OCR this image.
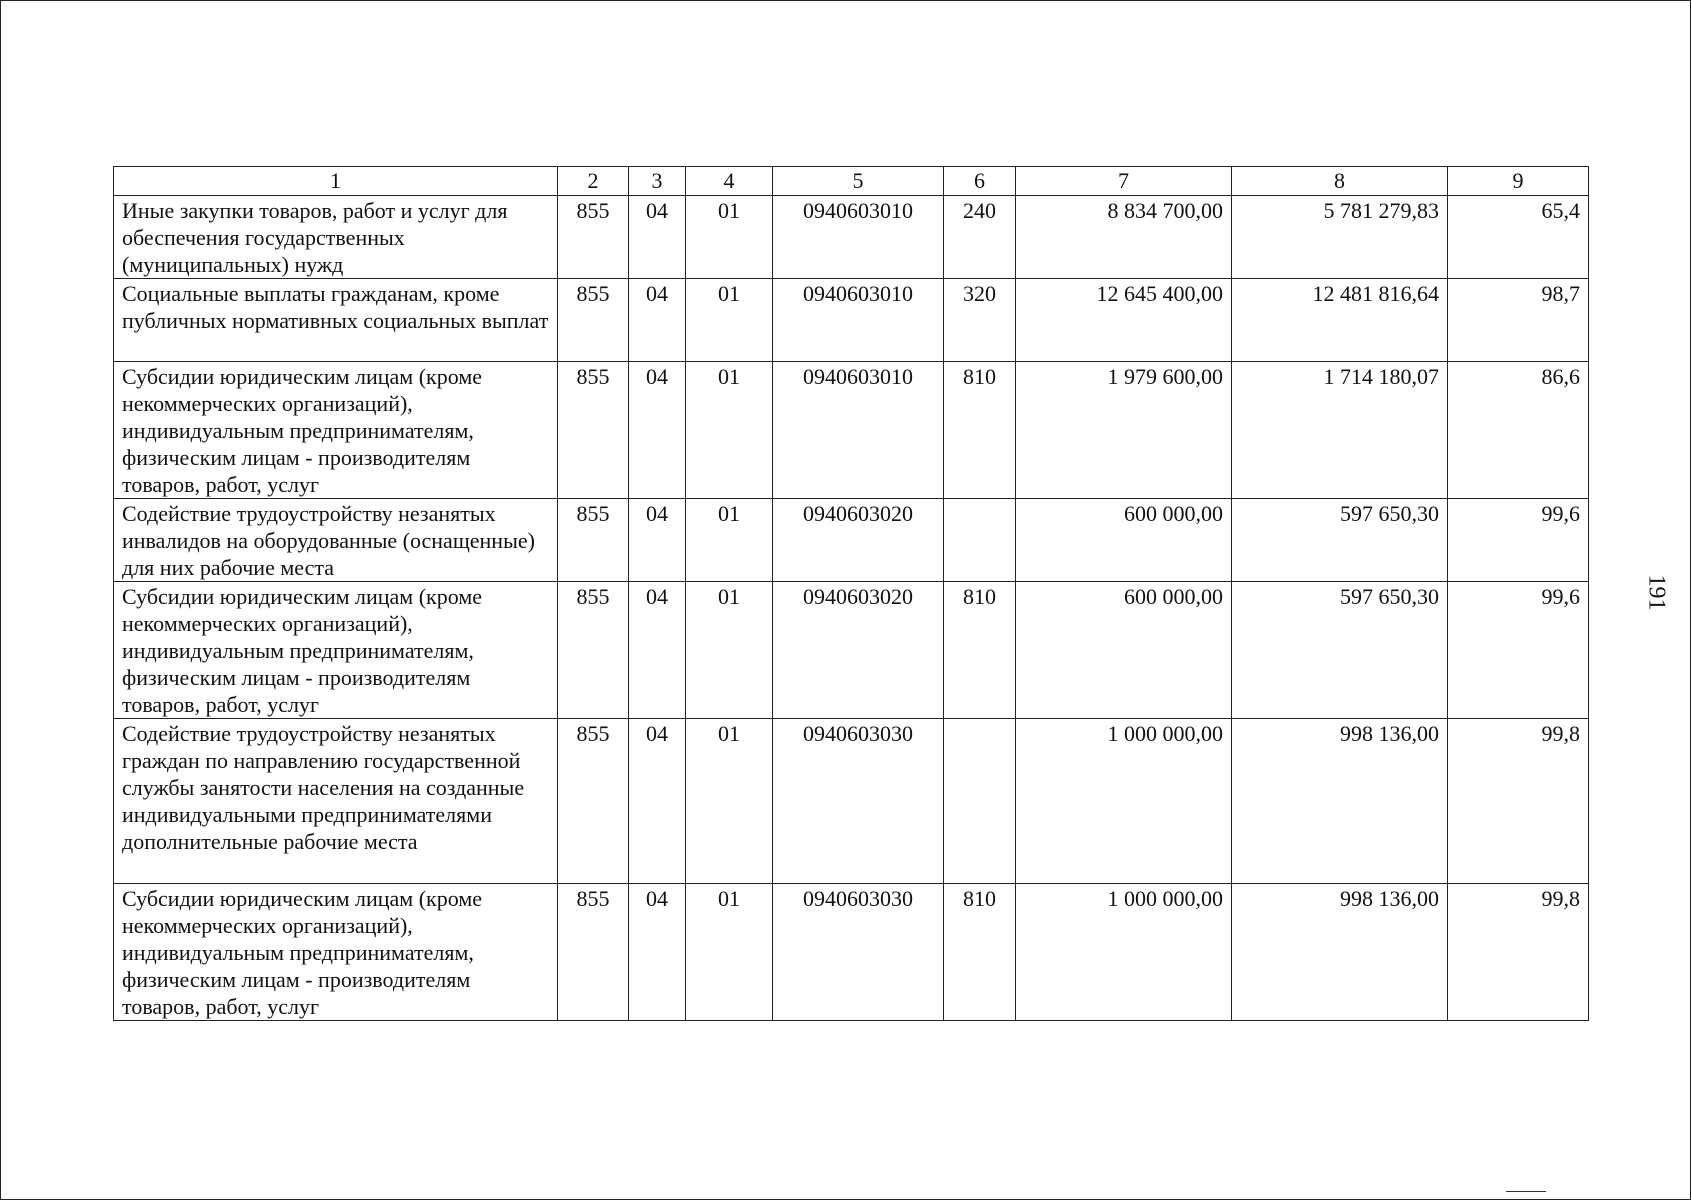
1	2	3	4	5	6	7	8	9
Иные закупки товаров, работ и услуг для обеспечения государственных (муниципальных) нужд	855	04	01	0940603010	240	8 834 700,00	5 781 279,83	65,4
Социальные выплаты гражданам, кроме публичных нормативных социальных выплат	855	04	01	0940603010	320	12 645 400,00	12 481 816,64	98,7
Субсидии юридическим лицам (кроме некоммерческих организаций), индивидуальным предпринимателям, физическим лицам - производителям товаров, работ, услуг	855	04	01	0940603010	810	1 979 600,00	1 714 180,07	86,6
Содействие трудоустройству незанятых инвалидов на оборудованные (оснащенные) для них рабочие места	855	04	01	0940603020		600 000,00	597 650,30	99,6
Субсидии юридическим лицам (кроме некоммерческих организаций), индивидуальным предпринимателям, физическим лицам - производителям товаров, работ, услуг	855	04	01	0940603020	810	600 000,00	597 650,30	99,6
Содействие трудоустройству незанятых граждан по направлению государственной службы занятости населения на созданные индивидуальными предпринимателями дополнительные рабочие места	855	04	01	0940603030		1 000 000,00	998 136,00	99,8
Субсидии юридическим лицам (кроме некоммерческих организаций), индивидуальным предпринимателям, физическим лицам - производителям товаров, работ, услуг	855	04	01	0940603030	810	1 000 000,00	998 136,00	99,8
191
